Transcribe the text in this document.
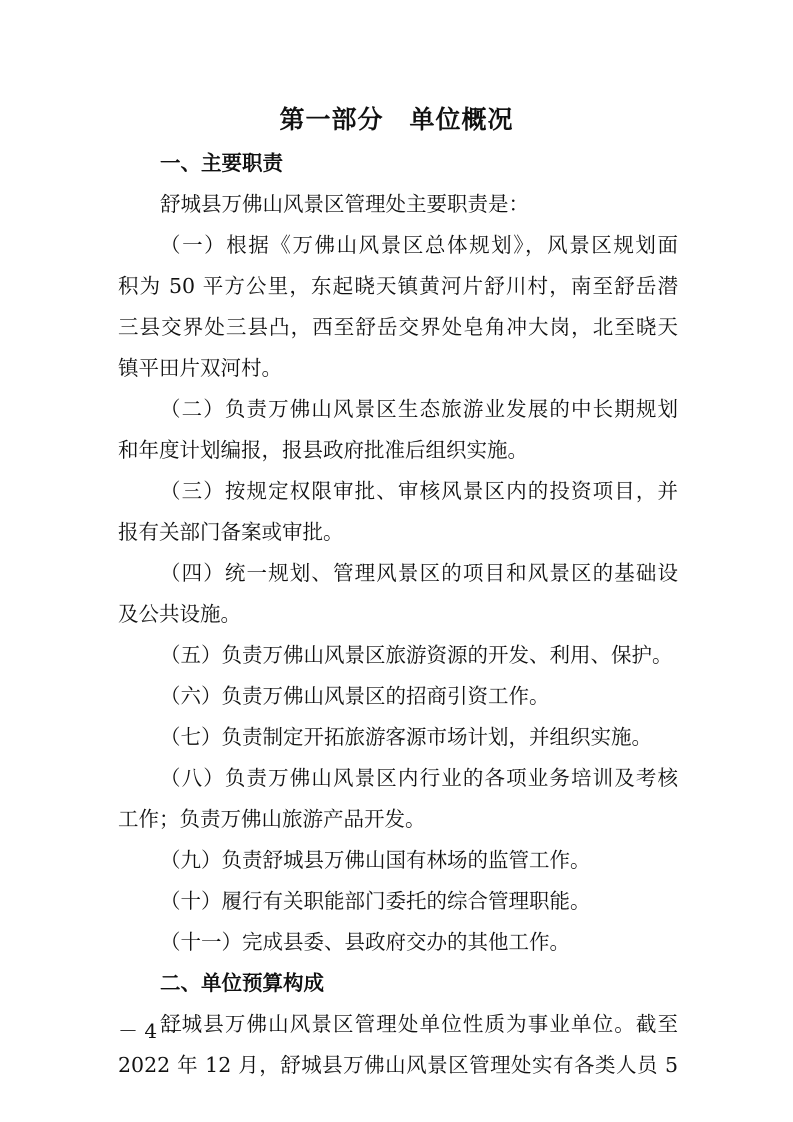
第一部分　单位概况
一、主要职责
舒城县万佛山风景区管理处主要职责是：
（一）根据《万佛山风景区总体规划》，风景区规划面
积为 50 平方公里，东起晓天镇黄河片舒川村，南至舒岳潜
三县交界处三县凸，西至舒岳交界处皂角冲大岗，北至晓天
镇平田片双河村。
（二）负责万佛山风景区生态旅游业发展的中长期规划
和年度计划编报，报县政府批准后组织实施。
（三）按规定权限审批、审核风景区内的投资项目，并
报有关部门备案或审批。
（四）统一规划、管理风景区的项目和风景区的基础设
及公共设施。
（五）负责万佛山风景区旅游资源的开发、利用、保护。
（六）负责万佛山风景区的招商引资工作。
（七）负责制定开拓旅游客源市场计划，并组织实施。
（八）负责万佛山风景区内行业的各项业务培训及考核
工作；负责万佛山旅游产品开发。
（九）负责舒城县万佛山国有林场的监管工作。
（十）履行有关职能部门委托的综合管理职能。
（十一）完成县委、县政府交办的其他工作。
二、单位预算构成
舒城县万佛山风景区管理处单位性质为事业单位。截至
2022 年 12 月，舒城县万佛山风景区管理处实有各类人员 5
－ 4 －
